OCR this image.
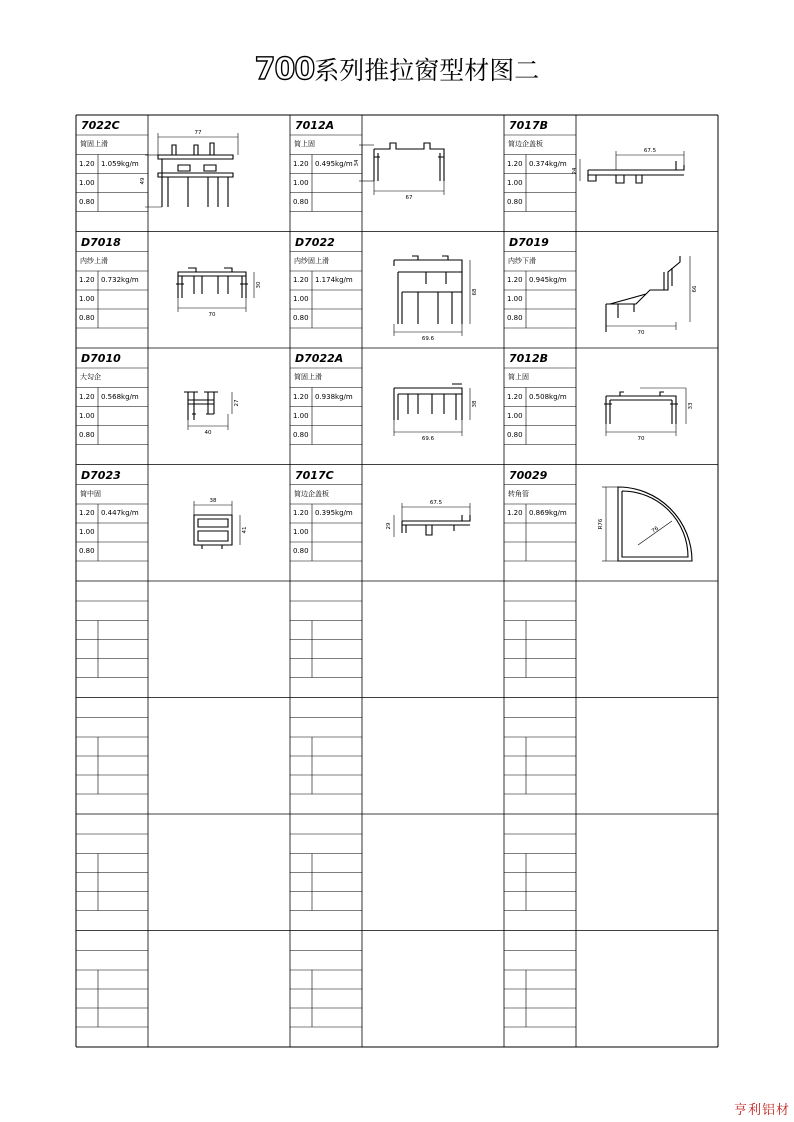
700系列推拉窗型材图二
7022C
简固上滑
1.20
1.00
0.80
1.059kg/m
77
49
7012A
简上固
1.20
1.00
0.80
0.495kg/m
67
34
7017B
简边企盖板
1.20
1.00
0.80
0.374kg/m
67.5
24
D7018
内纱上滑
1.20
1.00
0.80
0.732kg/m
70
30
D7022
内纱固上滑
1.20
1.00
0.80
1.174kg/m
69.6
68
D7019
内纱下滑
1.20
1.00
0.80
0.945kg/m
70
66
D7010
大勾企
1.20
1.00
0.80
0.568kg/m
40
27
D7022A
简固上滑
1.20
1.00
0.80
0.938kg/m
69.6
38
7012B
简上固
1.20
1.00
0.80
0.508kg/m
70
33
D7023
简中固
1.20
1.00
0.80
0.447kg/m
38
41
7017C
简边企盖板
1.20
1.00
0.80
0.395kg/m
67.5
29
70029
转角管
1.20 0.869kg/m
76
R76
亨利铝材
